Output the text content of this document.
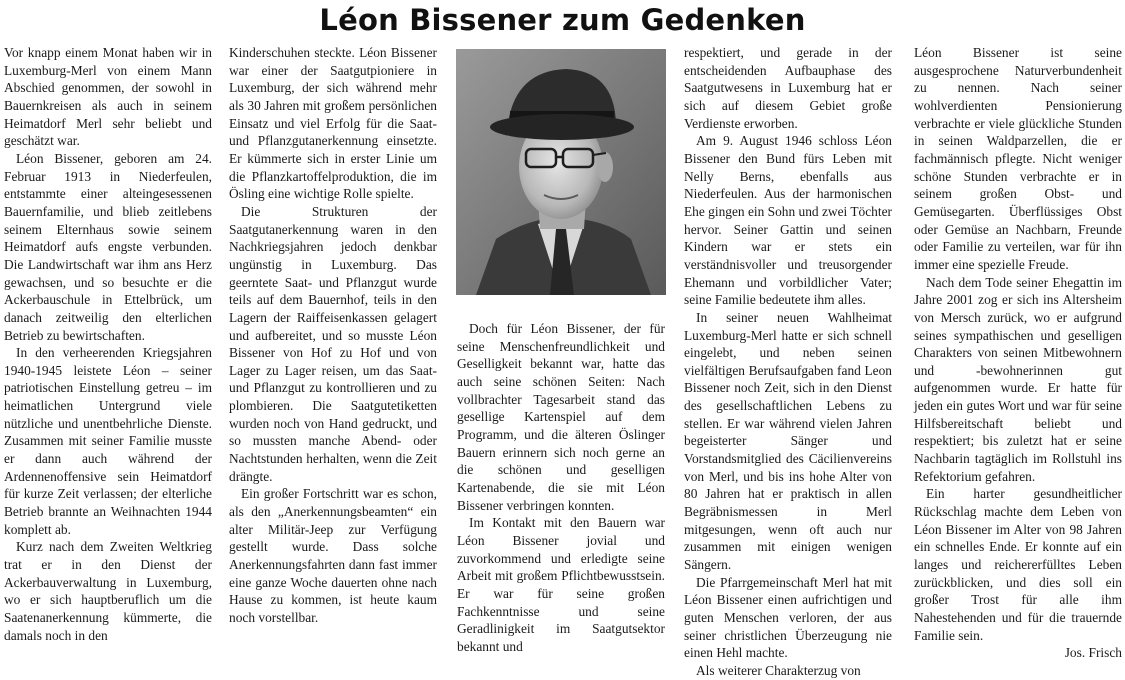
Léon Bissener zum Gedenken

Vor knapp einem Monat haben wir in Luxemburg-Merl von einem Mann Abschied genommen, der sowohl in Bauernkreisen als auch in seinem Heimatdorf Merl sehr beliebt und geschätzt war.

Léon Bissener, geboren am 24. Februar 1913 in Niederfeulen, entstammte einer alteingesessenen Bauernfamilie, und blieb zeitlebens seinem Elternhaus sowie seinem Heimatdorf aufs engste verbunden. Die Landwirtschaft war ihm ans Herz gewachsen, und so besuchte er die Ackerbauschule in Ettelbrück, um danach zeitweilig den elterlichen Betrieb zu bewirtschaften.

In den verheerenden Kriegsjahren 1940-1945 leistete Léon – seiner patriotischen Einstellung getreu – im heimatlichen Untergrund viele nützliche und unentbehrliche Dienste. Zusammen mit seiner Familie musste er dann auch während der Ardennenoffensive sein Heimatdorf für kurze Zeit verlassen; der elterliche Betrieb brannte an Weihnachten 1944 komplett ab.

Kurz nach dem Zweiten Weltkrieg trat er in den Dienst der Ackerbauverwaltung in Luxemburg, wo er sich hauptberuflich um die Saatenanerkennung kümmerte, die damals noch in den

Kinderschuhen steckte. Léon Bissener war einer der Saatgutpioniere in Luxemburg, der sich während mehr als 30 Jahren mit großem persönlichen Einsatz und viel Erfolg für die Saat- und Pflanzgutanerkennung einsetzte. Er kümmerte sich in erster Linie um die Pflanzkartoffelproduktion, die im Ösling eine wichtige Rolle spielte.

Die Strukturen der Saatgutanerkennung waren in den Nachkriegsjahren jedoch denkbar ungünstig in Luxemburg. Das geerntete Saat- und Pflanzgut wurde teils auf dem Bauernhof, teils in den Lagern der Raiffeisenkassen gelagert und aufbereitet, und so musste Léon Bissener von Hof zu Hof und von Lager zu Lager reisen, um das Saat- und Pflanzgut zu kontrollieren und zu plombieren. Die Saatgutetiketten wurden noch von Hand gedruckt, und so mussten manche Abend- oder Nachtstunden herhalten, wenn die Zeit drängte.

Ein großer Fortschritt war es schon, als den „Anerkennungsbeamten“ ein alter Militär-Jeep zur Verfügung gestellt wurde. Dass solche Anerkennungsfahrten dann fast immer eine ganze Woche dauerten ohne nach Hause zu kommen, ist heute kaum noch vorstellbar.

Doch für Léon Bissener, der für seine Menschenfreundlichkeit und Geselligkeit bekannt war, hatte das auch seine schönen Seiten: Nach vollbrachter Tagesarbeit stand das gesellige Kartenspiel auf dem Programm, und die älteren Öslinger Bauern erinnern sich noch gerne an die schönen und geselligen Kartenabende, die sie mit Léon Bissener verbringen konnten.

Im Kontakt mit den Bauern war Léon Bissener jovial und zuvorkommend und erledigte seine Arbeit mit großem Pflichtbewusstsein. Er war für seine großen Fachkenntnisse und seine Geradlinigkeit im Saatgutsektor bekannt und

respektiert, und gerade in der entscheidenden Aufbauphase des Saatgutwesens in Luxemburg hat er sich auf diesem Gebiet große Verdienste erworben.

Am 9. August 1946 schloss Léon Bissener den Bund fürs Leben mit Nelly Berns, ebenfalls aus Niederfeulen. Aus der harmonischen Ehe gingen ein Sohn und zwei Töchter hervor. Seiner Gattin und seinen Kindern war er stets ein verständnisvoller und treusorgender Ehemann und vorbildlicher Vater; seine Familie bedeutete ihm alles.

In seiner neuen Wahlheimat Luxemburg-Merl hatte er sich schnell eingelebt, und neben seinen vielfältigen Berufsaufgaben fand Leon Bissener noch Zeit, sich in den Dienst des gesellschaftlichen Lebens zu stellen. Er war während vielen Jahren begeisterter Sänger und Vorstandsmitglied des Cäcilienvereins von Merl, und bis ins hohe Alter von 80 Jahren hat er praktisch in allen Begräbnismessen in Merl mitgesungen, wenn oft auch nur zusammen mit einigen wenigen Sängern.

Die Pfarrgemeinschaft Merl hat mit Léon Bissener einen aufrichtigen und guten Menschen verloren, der aus seiner christlichen Überzeugung nie einen Hehl machte.

Als weiterer Charakterzug von

Léon Bissener ist seine ausgesprochene Naturverbundenheit zu nennen. Nach seiner wohlverdienten Pensionierung verbrachte er viele glückliche Stunden in seinen Waldparzellen, die er fachmännisch pflegte. Nicht weniger schöne Stunden verbrachte er in seinem großen Obst- und Gemüsegarten. Überflüssiges Obst oder Gemüse an Nachbarn, Freunde oder Familie zu verteilen, war für ihn immer eine spezielle Freude.

Nach dem Tode seiner Ehegattin im Jahre 2001 zog er sich ins Altersheim von Mersch zurück, wo er aufgrund seines sympathischen und geselligen Charakters von seinen Mitbewohnern und -bewohnerinnen gut aufgenommen wurde. Er hatte für jeden ein gutes Wort und war für seine Hilfsbereitschaft beliebt und respektiert; bis zuletzt hat er seine Nachbarin tagtäglich im Rollstuhl ins Refektorium gefahren.

Ein harter gesundheitlicher Rückschlag machte dem Leben von Léon Bissener im Alter von 98 Jahren ein schnelles Ende. Er konnte auf ein langes und reichererfülltes Leben zurückblicken, und dies soll ein großer Trost für alle ihm Nahestehenden und für die trauernde Familie sein.

Jos. Frisch
